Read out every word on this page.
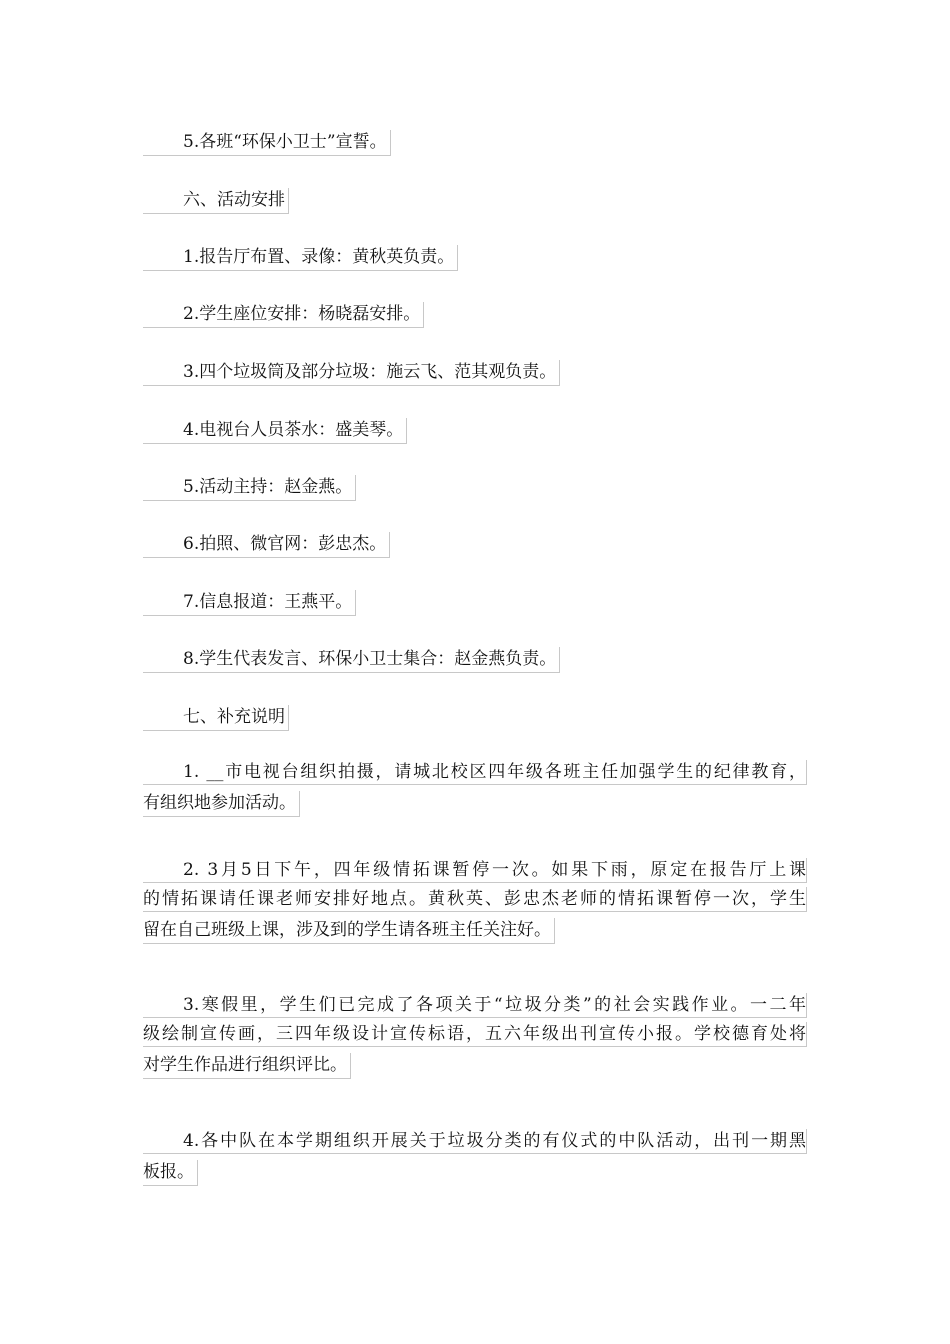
5.各班“环保小卫士”宣誓。

六、活动安排

1.报告厅布置、录像：黄秋英负责。

2.学生座位安排：杨晓磊安排。

3.四个垃圾筒及部分垃圾：施云飞、范其观负责。

4.电视台人员茶水：盛美琴。

5.活动主持：赵金燕。

6.拍照、微官网：彭忠杰。

7.信息报道：王燕平。

8.学生代表发言、环保小卫士集合：赵金燕负责。

七、补充说明

1. __市电视台组织拍摄，请城北校区四年级各班主任加强学生的纪律教育，
有组织地参加活动。

2. 3月5日下午，四年级情拓课暂停一次。如果下雨，原定在报告厅上课
的情拓课请任课老师安排好地点。黄秋英、彭忠杰老师的情拓课暂停一次，学生
留在自己班级上课，涉及到的学生请各班主任关注好。

3.寒假里，学生们已完成了各项关于“垃圾分类”的社会实践作业。一二年
级绘制宣传画，三四年级设计宣传标语，五六年级出刊宣传小报。学校德育处将
对学生作品进行组织评比。

4.各中队在本学期组织开展关于垃圾分类的有仪式的中队活动，出刊一期黑
板报。
